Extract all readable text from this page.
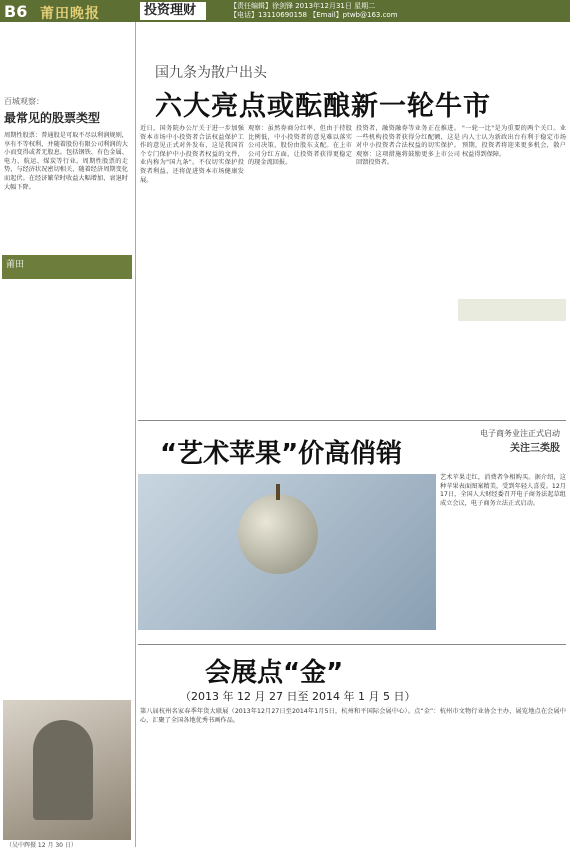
B6 莆田晚报	投资理财	【责任编辑】徐剑锋 2013年12月31日 星期二
【电话】13110690158 【Email】ptwb@163.com
百城观察：
最常见的股票类型
周期性股票：普通股是可取不尽以利润规则，享有不等权利，并随着股份有限公司利润的大小而变得或者无股息。包括钢铁、有色金属、电力、航运、煤炭等行业。周期性股票的走势，与经济状况密切相关，随着经济周期变化而起伏。在经济繁荣时收益大幅增加，衰退时大幅下降。
莆田
国九条为散户出头
六大亮点或酝酿新一轮牛市
近日，国务院办公厅关于进一步加强资本市场中小投资者合法权益保护工作的意见正式对外发布，这是我国首个专门保护中小投资者权益的文件，业内称为"国九条"。不仅切实保护投资者利益，还将促进资本市场健康发展。
观察：虽然券商分红率，但由于持股比例低，中小投资者的意见难以落实公司决策，股份由股东支配。在上市公司分红方面，让投资者获得更稳定的现金流回报。
投资者，融资融券等业务正在推进。一些机构投资者获得分红配额，这是对中小投资者合法权益的切实保护。观察：这项措施将鼓励更多上市公司回馈投资者。
"一轮一比"是为重要的两个关口。业内人士认为新政出台有利于稳定市场预期，投资者将迎来更多机会，散户权益得到保障。
“艺术苹果”价高俏销
电子商务业注正式启动
关注三类股
艺术苹果走红，消费者争相购买。据介绍，这种苹果表面图案精美，受到年轻人喜爱。12月17日，全国人大财经委召开电子商务法起草组成立会议，电子商务立法正式启动。
会展点“金”
（2013 年 12 月 27 日至 2014 年 1 月 5 日）
第八届杭州名家春季年货大联展（2013年12月27日至2014年1月5日，杭州和平国际会展中心）。点“金”：杭州市文物行业协会主办，展览地点在会展中心，汇聚了全国各地优秀书画作品。
（吴中辉摄 12 月 30 日）
